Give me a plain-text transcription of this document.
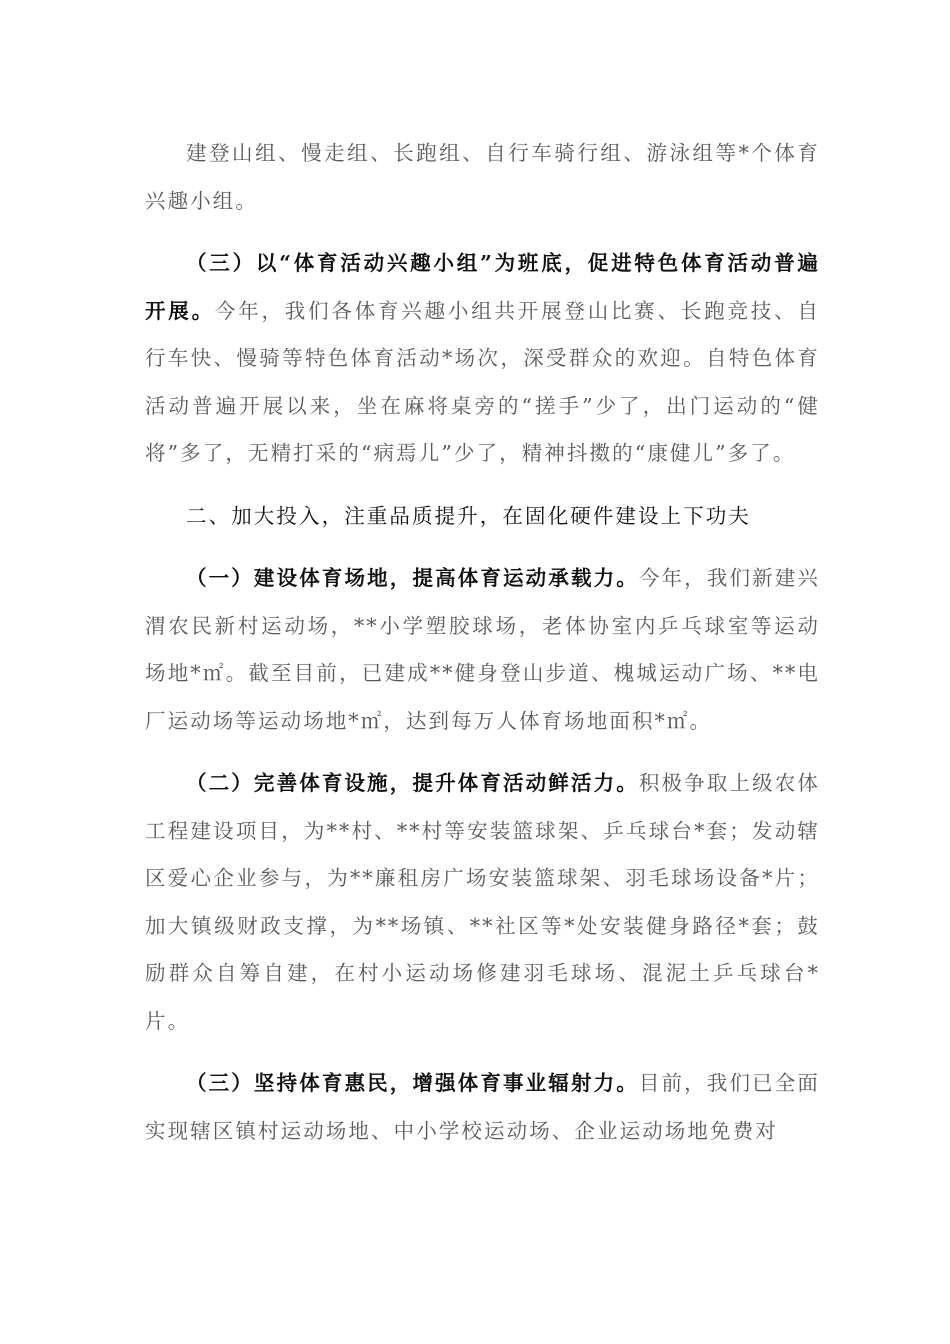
建登山组、慢走组、长跑组、自行车骑行组、游泳组等*个体育兴趣小组。

（三）以“体育活动兴趣小组”为班底，促进特色体育活动普遍开展。今年，我们各体育兴趣小组共开展登山比赛、长跑竞技、自行车快、慢骑等特色体育活动*场次，深受群众的欢迎。自特色体育活动普遍开展以来，坐在麻将桌旁的“搓手”少了，出门运动的“健将”多了，无精打采的“病焉儿”少了，精神抖擞的“康健儿”多了。

二、加大投入，注重品质提升，在固化硬件建设上下功夫

（一）建设体育场地，提高体育运动承载力。今年，我们新建兴渭农民新村运动场，**小学塑胶球场，老体协室内乒乓球室等运动场地*㎡。截至目前，已建成**健身登山步道、槐城运动广场、**电厂运动场等运动场地*㎡，达到每万人体育场地面积*㎡。

（二）完善体育设施，提升体育活动鲜活力。积极争取上级农体工程建设项目，为**村、**村等安装篮球架、乒乓球台*套；发动辖区爱心企业参与，为**廉租房广场安装篮球架、羽毛球场设备*片；加大镇级财政支撑，为**场镇、**社区等*处安装健身路径*套；鼓励群众自筹自建，在村小运动场修建羽毛球场、混泥土乒乓球台*片。

（三）坚持体育惠民，增强体育事业辐射力。目前，我们已全面实现辖区镇村运动场地、中小学校运动场、企业运动场地免费对
